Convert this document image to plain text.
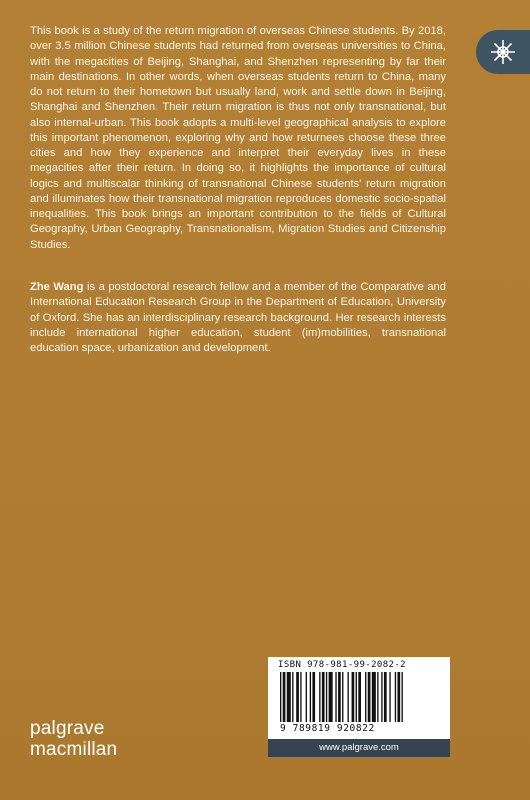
This book is a study of the return migration of overseas Chinese students. By 2018, over 3.5 million Chinese students had returned from overseas universities to China, with the megacities of Beijing, Shanghai, and Shenzhen representing by far their main destinations. In other words, when overseas students return to China, many do not return to their hometown but usually land, work and settle down in Beijing, Shanghai and Shenzhen. Their return migration is thus not only transnational, but also internal-urban. This book adopts a multi-level geographical analysis to explore this important phenomenon, exploring why and how returnees choose these three cities and how they experience and interpret their everyday lives in these megacities after their return. In doing so, it highlights the importance of cultural logics and multiscalar thinking of transnational Chinese students' return migration and illuminates how their transnational migration reproduces domestic socio-spatial inequalities. This book brings an important contribution to the fields of Cultural Geography, Urban Geography, Transnationalism, Migration Studies and Citizenship Studies.

Zhe Wang is a postdoctoral research fellow and a member of the Comparative and International Education Research Group in the Department of Education, University of Oxford. She has an interdisciplinary research background. Her research interests include international higher education, student (im)mobilities, transnational education space, urbanization and development.

palgrave
macmillan
ISBN 978-981-99-2082-2
9 789819 920822
www.palgrave.com
